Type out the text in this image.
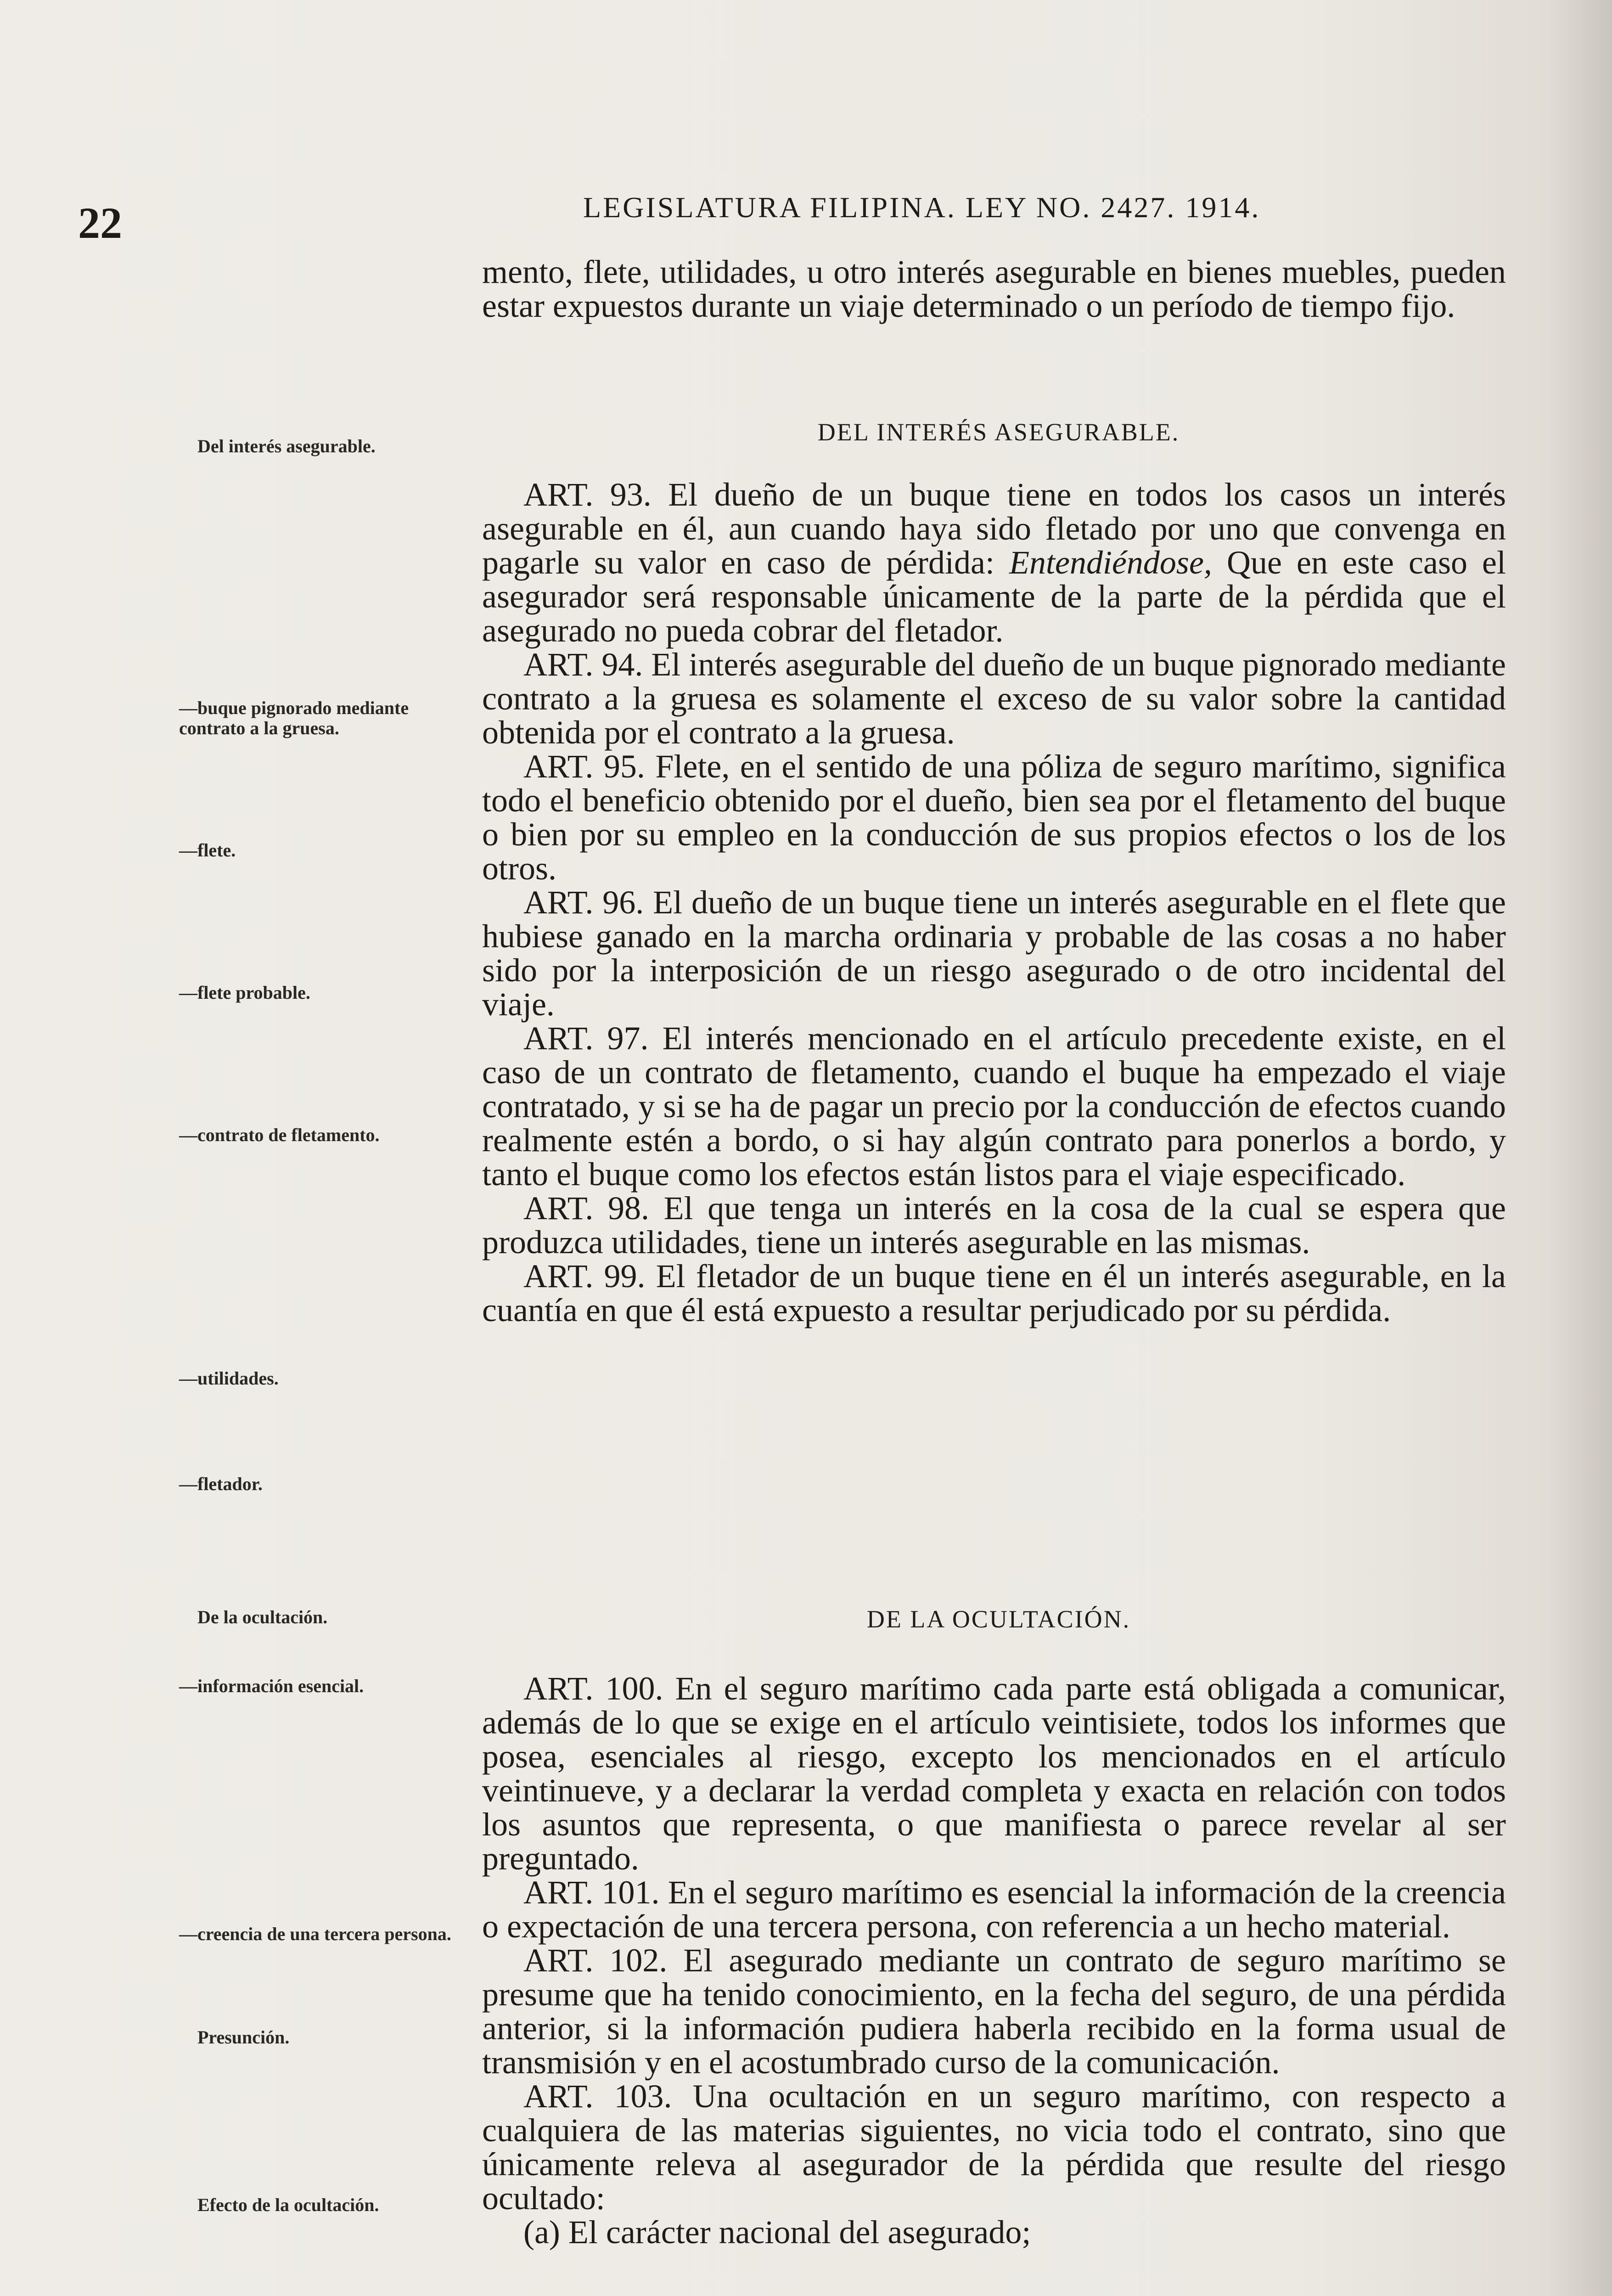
22	LEGISLATURA FILIPINA. LEY NO. 2427. 1914.

mento, flete, utilidades, u otro interés asegurable en bienes muebles, pueden estar expuestos durante un viaje determinado o un período de tiempo fijo.

DEL INTERÉS ASEGURABLE.

ART. 93. El dueño de un buque tiene en todos los casos un interés asegurable en él, aun cuando haya sido fletado por uno que convenga en pagarle su valor en caso de pérdida: Entendiéndose, Que en este caso el asegurador será responsable únicamente de la parte de la pérdida que el asegurado no pueda cobrar del fletador.

ART. 94. El interés asegurable del dueño de un buque pignorado mediante contrato a la gruesa es solamente el exceso de su valor sobre la cantidad obtenida por el contrato a la gruesa.

ART. 95. Flete, en el sentido de una póliza de seguro marítimo, significa todo el beneficio obtenido por el dueño, bien sea por el fletamento del buque o bien por su empleo en la conducción de sus propios efectos o los de los otros.

ART. 96. El dueño de un buque tiene un interés asegurable en el flete que hubiese ganado en la marcha ordinaria y probable de las cosas a no haber sido por la interposición de un riesgo asegurado o de otro incidental del viaje.

ART. 97. El interés mencionado en el artículo precedente existe, en el caso de un contrato de fletamento, cuando el buque ha empezado el viaje contratado, y si se ha de pagar un precio por la conducción de efectos cuando realmente estén a bordo, o si hay algún contrato para ponerlos a bordo, y tanto el buque como los efectos están listos para el viaje especificado.

ART. 98. El que tenga un interés en la cosa de la cual se espera que produzca utilidades, tiene un interés asegurable en las mismas.

ART. 99. El fletador de un buque tiene en él un interés asegurable, en la cuantía en que él está expuesto a resultar perjudicado por su pérdida.

DE LA OCULTACIÓN.

ART. 100. En el seguro marítimo cada parte está obligada a comunicar, además de lo que se exige en el artículo veintisiete, todos los informes que posea, esenciales al riesgo, excepto los mencionados en el artículo veintinueve, y a declarar la verdad completa y exacta en relación con todos los asuntos que representa, o que manifiesta o parece revelar al ser preguntado.

ART. 101. En el seguro marítimo es esencial la información de la creencia o expectación de una tercera persona, con referencia a un hecho material.

ART. 102. El asegurado mediante un contrato de seguro marítimo se presume que ha tenido conocimiento, en la fecha del seguro, de una pérdida anterior, si la información pudiera haberla recibido en la forma usual de transmisión y en el acostumbrado curso de la comunicación.

ART. 103. Una ocultación en un seguro marítimo, con respecto a cualquiera de las materias siguientes, no vicia todo el contrato, sino que únicamente releva al asegurador de la pérdida que resulte del riesgo ocultado:

(a) El carácter nacional del asegurado;

Del interés asegurable.
—buque pignorado mediante contrato a la gruesa.
—flete.
—flete probable.
—contrato de fletamento.
—utilidades.
—fletador.
De la ocultación.
—información esencial.
—creencia de una tercera persona.
Presunción.
Efecto de la ocultación.
